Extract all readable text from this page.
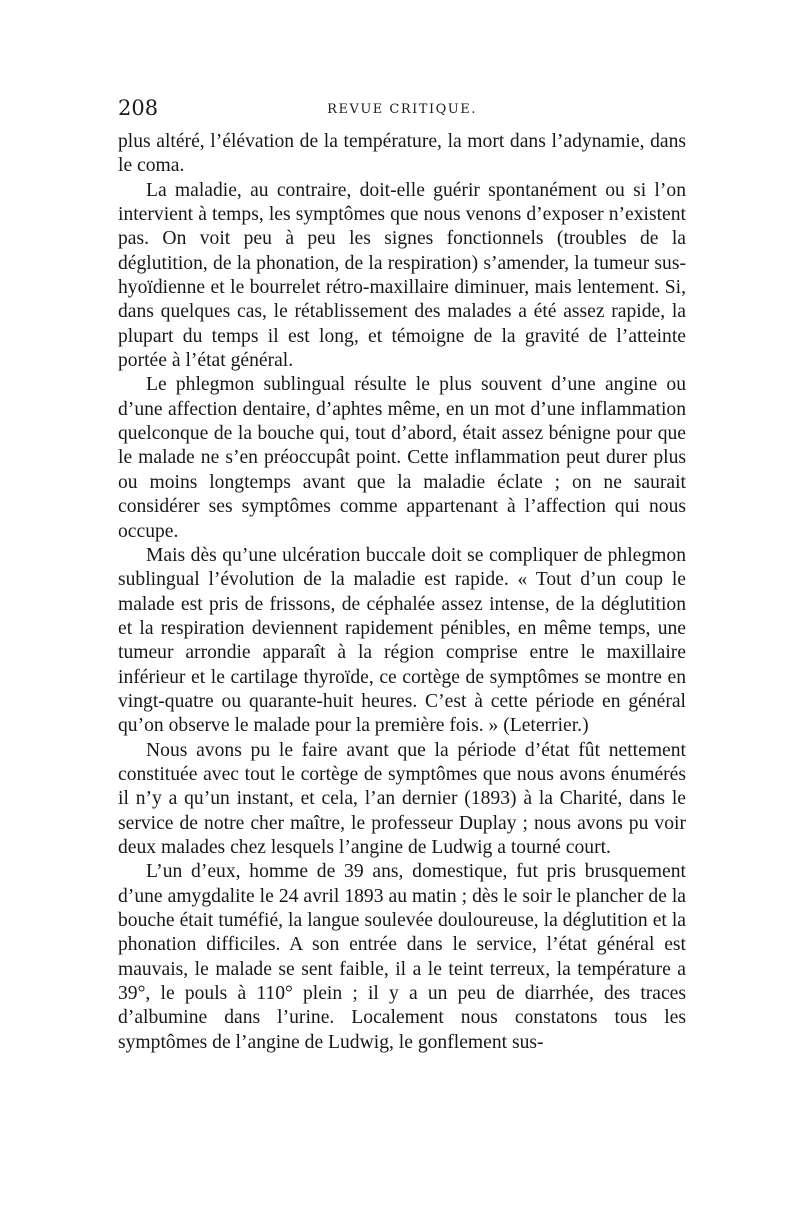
208	REVUE CRITIQUE.

plus altéré, l’élévation de la température, la mort dans l’adynamie, dans le coma.

La maladie, au contraire, doit-elle guérir spontanément ou si l’on intervient à temps, les symptômes que nous venons d’exposer n’existent pas. On voit peu à peu les signes fonctionnels (troubles de la déglutition, de la phonation, de la respiration) s’amender, la tumeur sus-hyoïdienne et le bourrelet rétro-maxillaire diminuer, mais lentement. Si, dans quelques cas, le rétablissement des malades a été assez rapide, la plupart du temps il est long, et témoigne de la gravité de l’atteinte portée à l’état général.

Le phlegmon sublingual résulte le plus souvent d’une angine ou d’une affection dentaire, d’aphtes même, en un mot d’une inflammation quelconque de la bouche qui, tout d’abord, était assez bénigne pour que le malade ne s’en préoccupât point. Cette inflammation peut durer plus ou moins longtemps avant que la maladie éclate ; on ne saurait considérer ses symptômes comme appartenant à l’affection qui nous occupe.

Mais dès qu’une ulcération buccale doit se compliquer de phlegmon sublingual l’évolution de la maladie est rapide. « Tout d’un coup le malade est pris de frissons, de céphalée assez intense, de la déglutition et la respiration deviennent rapidement pénibles, en même temps, une tumeur arrondie apparaît à la région comprise entre le maxillaire inférieur et le cartilage thyroïde, ce cortège de symptômes se montre en vingt-quatre ou quarante-huit heures. C’est à cette période en général qu’on observe le malade pour la première fois. » (Leterrier.)

Nous avons pu le faire avant que la période d’état fût nettement constituée avec tout le cortège de symptômes que nous avons énumérés il n’y a qu’un instant, et cela, l’an dernier (1893) à la Charité, dans le service de notre cher maître, le professeur Duplay ; nous avons pu voir deux malades chez lesquels l’angine de Ludwig a tourné court.

L’un d’eux, homme de 39 ans, domestique, fut pris brusquement d’une amygdalite le 24 avril 1893 au matin ; dès le soir le plancher de la bouche était tuméfié, la langue soulevée douloureuse, la déglutition et la phonation difficiles. A son entrée dans le service, l’état général est mauvais, le malade se sent faible, il a le teint terreux, la température a 39°, le pouls à 110° plein ; il y a un peu de diarrhée, des traces d’albumine dans l’urine. Localement nous constatons tous les symptômes de l’angine de Ludwig, le gonflement sus-
